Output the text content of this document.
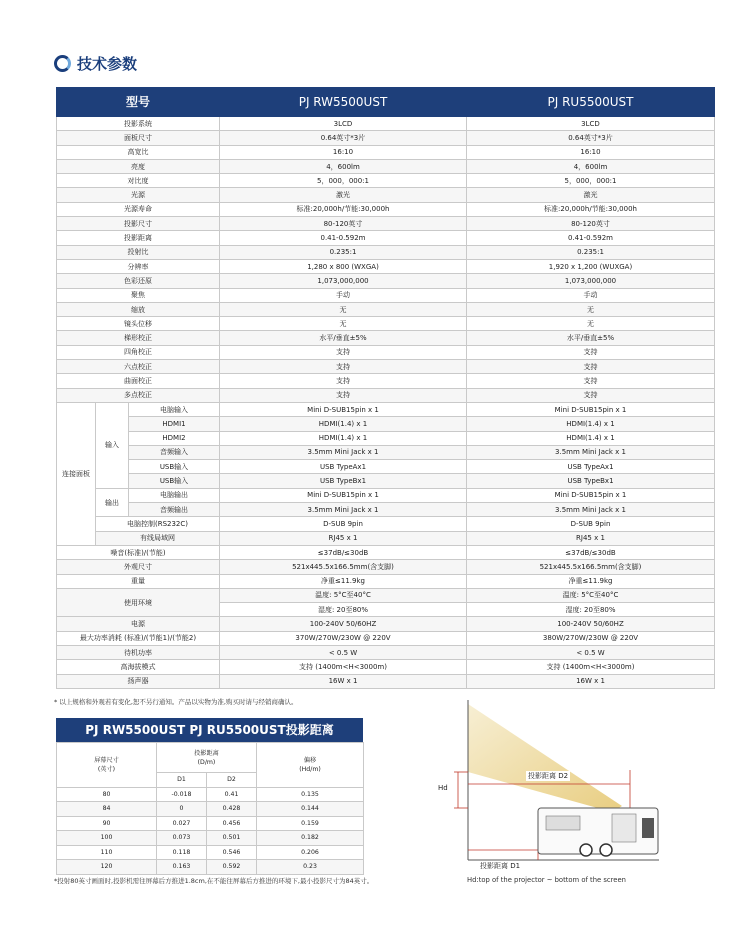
技术参数
型号			PJ RW5500UST	PJ RU5500UST
投影系统			3LCD	3LCD
面板尺寸			0.64英寸*3片	0.64英寸*3片
高宽比			16:10	16:10
亮度			4，600lm	4，600lm
对比度			5，000，000:1	5，000，000:1
光源			激光	激光
光源寿命			标准:20,000h/节能:30,000h	标准:20,000h/节能:30,000h
投影尺寸			80-120英寸	80-120英寸
投影距离			0.41-0.592m	0.41-0.592m
投射比			0.235:1	0.235:1
分辨率			1,280 x 800 (WXGA)	1,920 x 1,200 (WUXGA)
色彩还原			1,073,000,000	1,073,000,000
聚焦			手动	手动
缩放			无	无
镜头位移			无	无
梯形校正			水平/垂直±5%	水平/垂直±5%
四角校正			支持	支持
六点校正			支持	支持
曲面校正			支持	支持
多点校正			支持	支持
连接面板	输入	电脑输入	Mini D-SUB15pin x 1	Mini D-SUB15pin x 1
		HDMI1	HDMI(1.4) x 1	HDMI(1.4) x 1
		HDMI2	HDMI(1.4) x 1	HDMI(1.4) x 1
		音频输入	3.5mm Mini Jack x 1	3.5mm Mini Jack x 1
		USB输入	USB TypeAx1	USB TypeAx1
		USB输入	USB TypeBx1	USB TypeBx1
	输出	电脑输出	Mini D-SUB15pin x 1	Mini D-SUB15pin x 1
		音频输出	3.5mm Mini Jack x 1	3.5mm Mini Jack x 1
	电脑控制(RS232C)		D-SUB 9pin	D-SUB 9pin
	有线局域网		RJ45 x 1	RJ45 x 1
噪音(标准)/(节能)			≤37dB/≤30dB	≤37dB/≤30dB
外观尺寸			521x445.5x166.5mm(含支脚)	521x445.5x166.5mm(含支脚)
重量			净重≤11.9kg	净重≤11.9kg
使用环境			温度: 5°C至40°C	温度: 5°C至40°C
			湿度: 20至80%	湿度: 20至80%
电源			100-240V 50/60HZ	100-240V 50/60HZ
最大功率消耗 (标准)/(节能1)/(节能2)			370W/270W/230W @ 220V	380W/270W/230W @ 220V
待机功率			< 0.5 W	< 0.5 W
高海拔模式			支持 (1400m<H<3000m)	支持 (1400m<H<3000m)
扬声器			16W x 1	16W x 1
* 以上规格和外观若有变化,恕不另行通知。产品以实物为准,购买时请与经销商确认。
PJ RW5500UST PJ RU5500UST投影距离
屏幕尺寸
(英寸)	投影距离
(D/m)		偏移
(Hd/m)
	D1	D2	
80	-0.018	0.41	0.135
84	0	0.428	0.144
90	0.027	0.456	0.159
100	0.073	0.501	0.182
110	0.118	0.546	0.206
120	0.163	0.592	0.23
*投射80英寸画面时,投影机需往屏幕后方推进1.8cm,在不能往屏幕后方推进的环境下,最小投影尺寸为84英寸。
Hd
投影距离 D2
投影距离 D1
Hd:top of the projector ~ bottom of the screen
